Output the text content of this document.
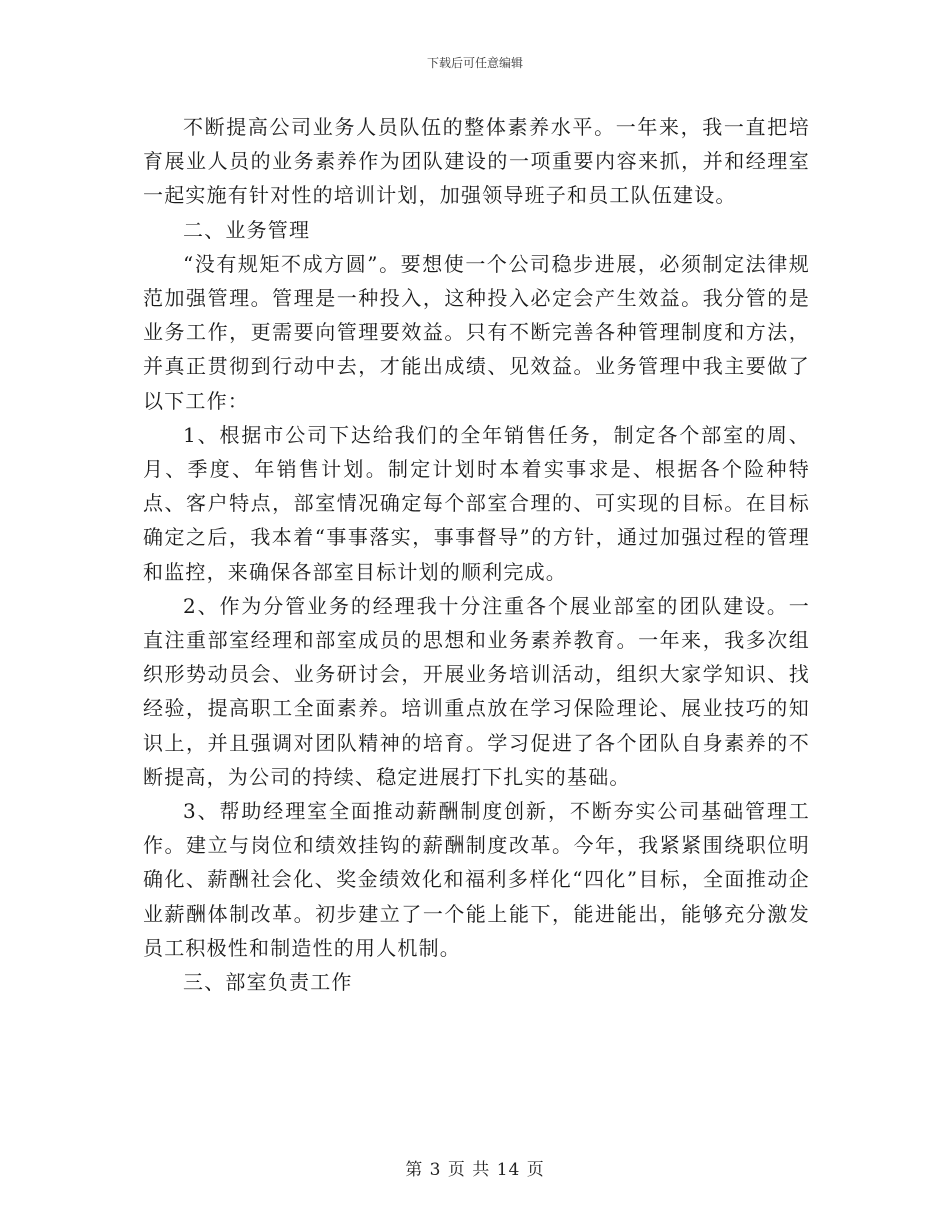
下载后可任意编辑

不断提高公司业务人员队伍的整体素养水平。一年来，我一直把培育展业人员的业务素养作为团队建设的一项重要内容来抓，并和经理室一起实施有针对性的培训计划，加强领导班子和员工队伍建设。

二、业务管理

“没有规矩不成方圆”。要想使一个公司稳步进展，必须制定法律规范加强管理。管理是一种投入，这种投入必定会产生效益。我分管的是业务工作，更需要向管理要效益。只有不断完善各种管理制度和方法，并真正贯彻到行动中去，才能出成绩、见效益。业务管理中我主要做了以下工作：

1、根据市公司下达给我们的全年销售任务，制定各个部室的周、月、季度、年销售计划。制定计划时本着实事求是、根据各个险种特点、客户特点，部室情况确定每个部室合理的、可实现的目标。在目标确定之后，我本着“事事落实，事事督导”的方针，通过加强过程的管理和监控，来确保各部室目标计划的顺利完成。

2、作为分管业务的经理我十分注重各个展业部室的团队建设。一直注重部室经理和部室成员的思想和业务素养教育。一年来，我多次组织形势动员会、业务研讨会，开展业务培训活动，组织大家学知识、找经验，提高职工全面素养。培训重点放在学习保险理论、展业技巧的知识上，并且强调对团队精神的培育。学习促进了各个团队自身素养的不断提高，为公司的持续、稳定进展打下扎实的基础。

3、帮助经理室全面推动薪酬制度创新，不断夯实公司基础管理工作。建立与岗位和绩效挂钩的薪酬制度改革。今年，我紧紧围绕职位明确化、薪酬社会化、奖金绩效化和福利多样化“四化”目标，全面推动企业薪酬体制改革。初步建立了一个能上能下，能进能出，能够充分激发员工积极性和制造性的用人机制。

三、部室负责工作

第 3 页 共 14 页
